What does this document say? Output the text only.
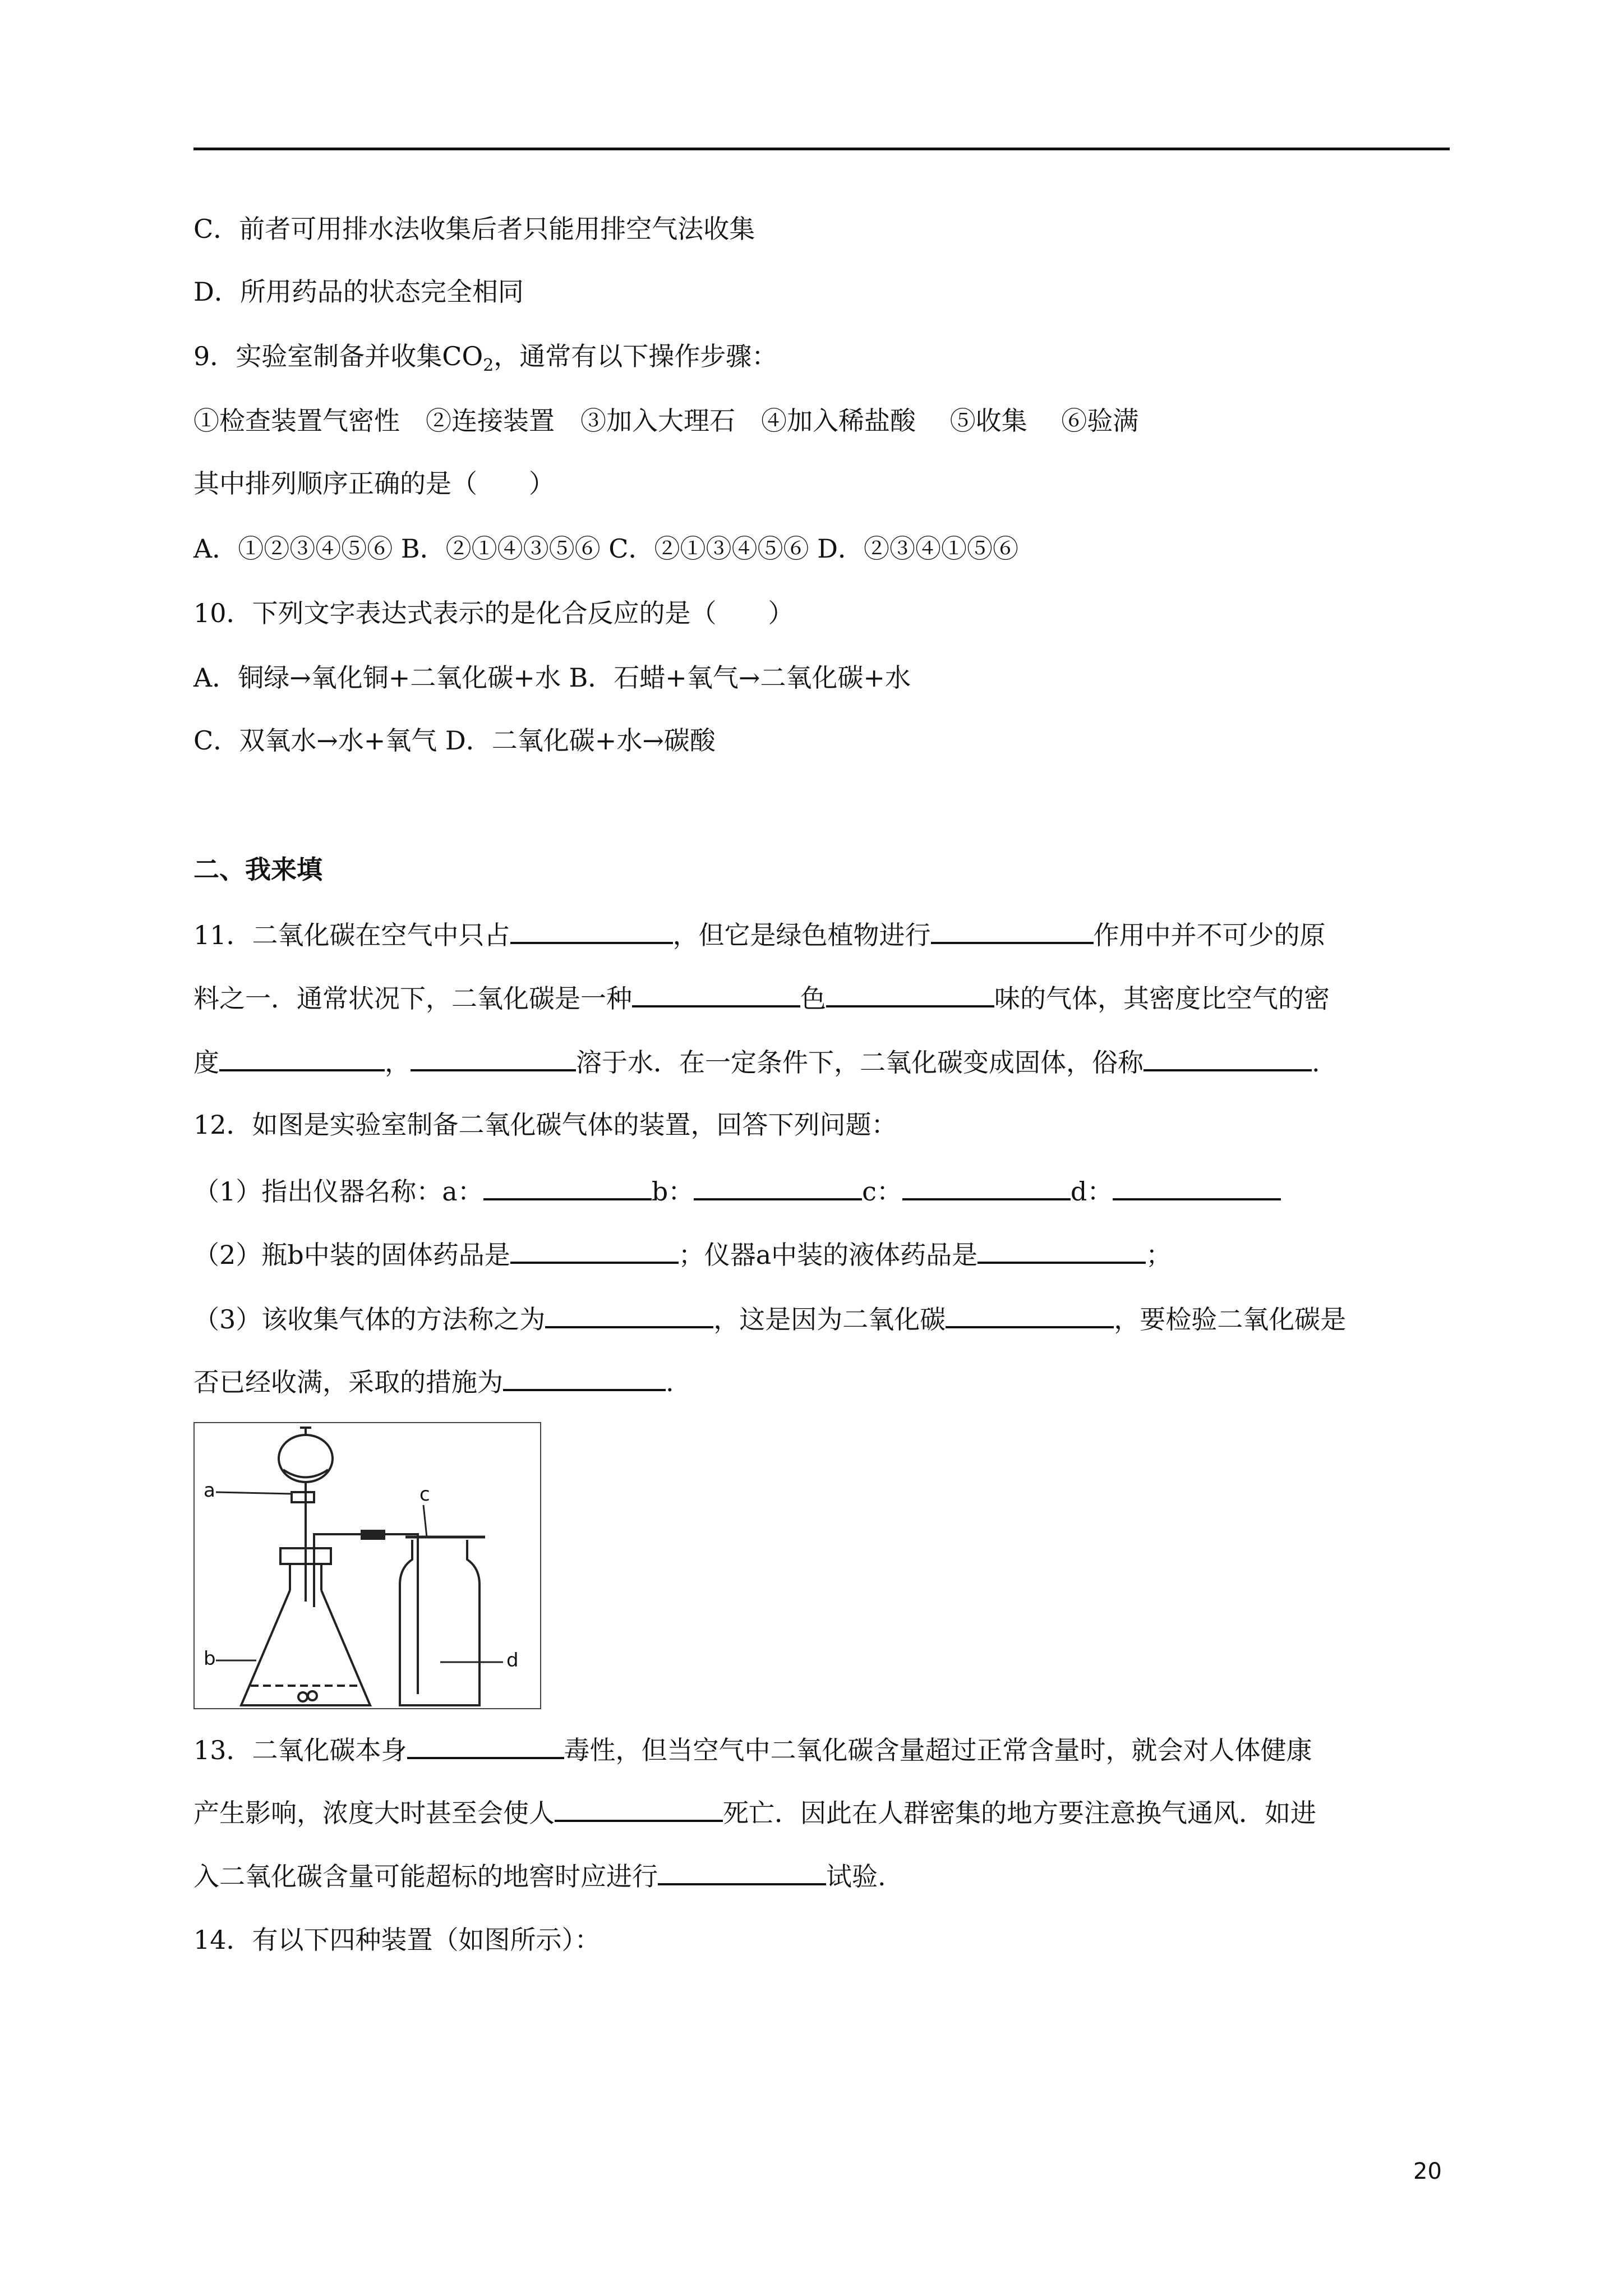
C．前者可用排水法收集后者只能用排空气法收集
D．所用药品的状态完全相同
9．实验室制备并收集$CO_2$，通常有以下操作步骤：
①检查装置气密性　②连接装置　③加入大理石　④加入稀盐酸　 ⑤收集　 ⑥验满
其中排列顺序正确的是（　　）
A．①②③④⑤⑥ B．②①④③⑤⑥ C．②①③④⑤⑥ D．②③④①⑤⑥
10．下列文字表达式表示的是化合反应的是（　　）
A．铜绿→氧化铜+二氧化碳+水 B．石蜡+氧气→二氧化碳+水
C．双氧水→水+氧气 D．二氧化碳+水→碳酸
二、我来填
11．二氧化碳在空气中只占	，但它是绿色植物进行	作用中并不可少的原
料之一．通常状况下，二氧化碳是一种	色	味的气体，其密度比空气的密
度	，	溶于水．在一定条件下，二氧化碳变成固体，俗称	.
12．如图是实验室制备二氧化碳气体的装置，回答下列问题：
（1）指出仪器名称：a：	b：	c：	d：
（2）瓶b中装的固体药品是	；仪器a中装的液体药品是	；
（3）该收集气体的方法称之为	，这是因为二氧化碳	，要检验二氧化碳是
否已经收满，采取的措施为	.
a
b
c
d
13．二氧化碳本身	毒性，但当空气中二氧化碳含量超过正常含量时，就会对人体健康
产生影响，浓度大时甚至会使人	死亡．因此在人群密集的地方要注意换气通风．如进
入二氧化碳含量可能超标的地窖时应进行	试验.
14．有以下四种装置（如图所示）：
20
